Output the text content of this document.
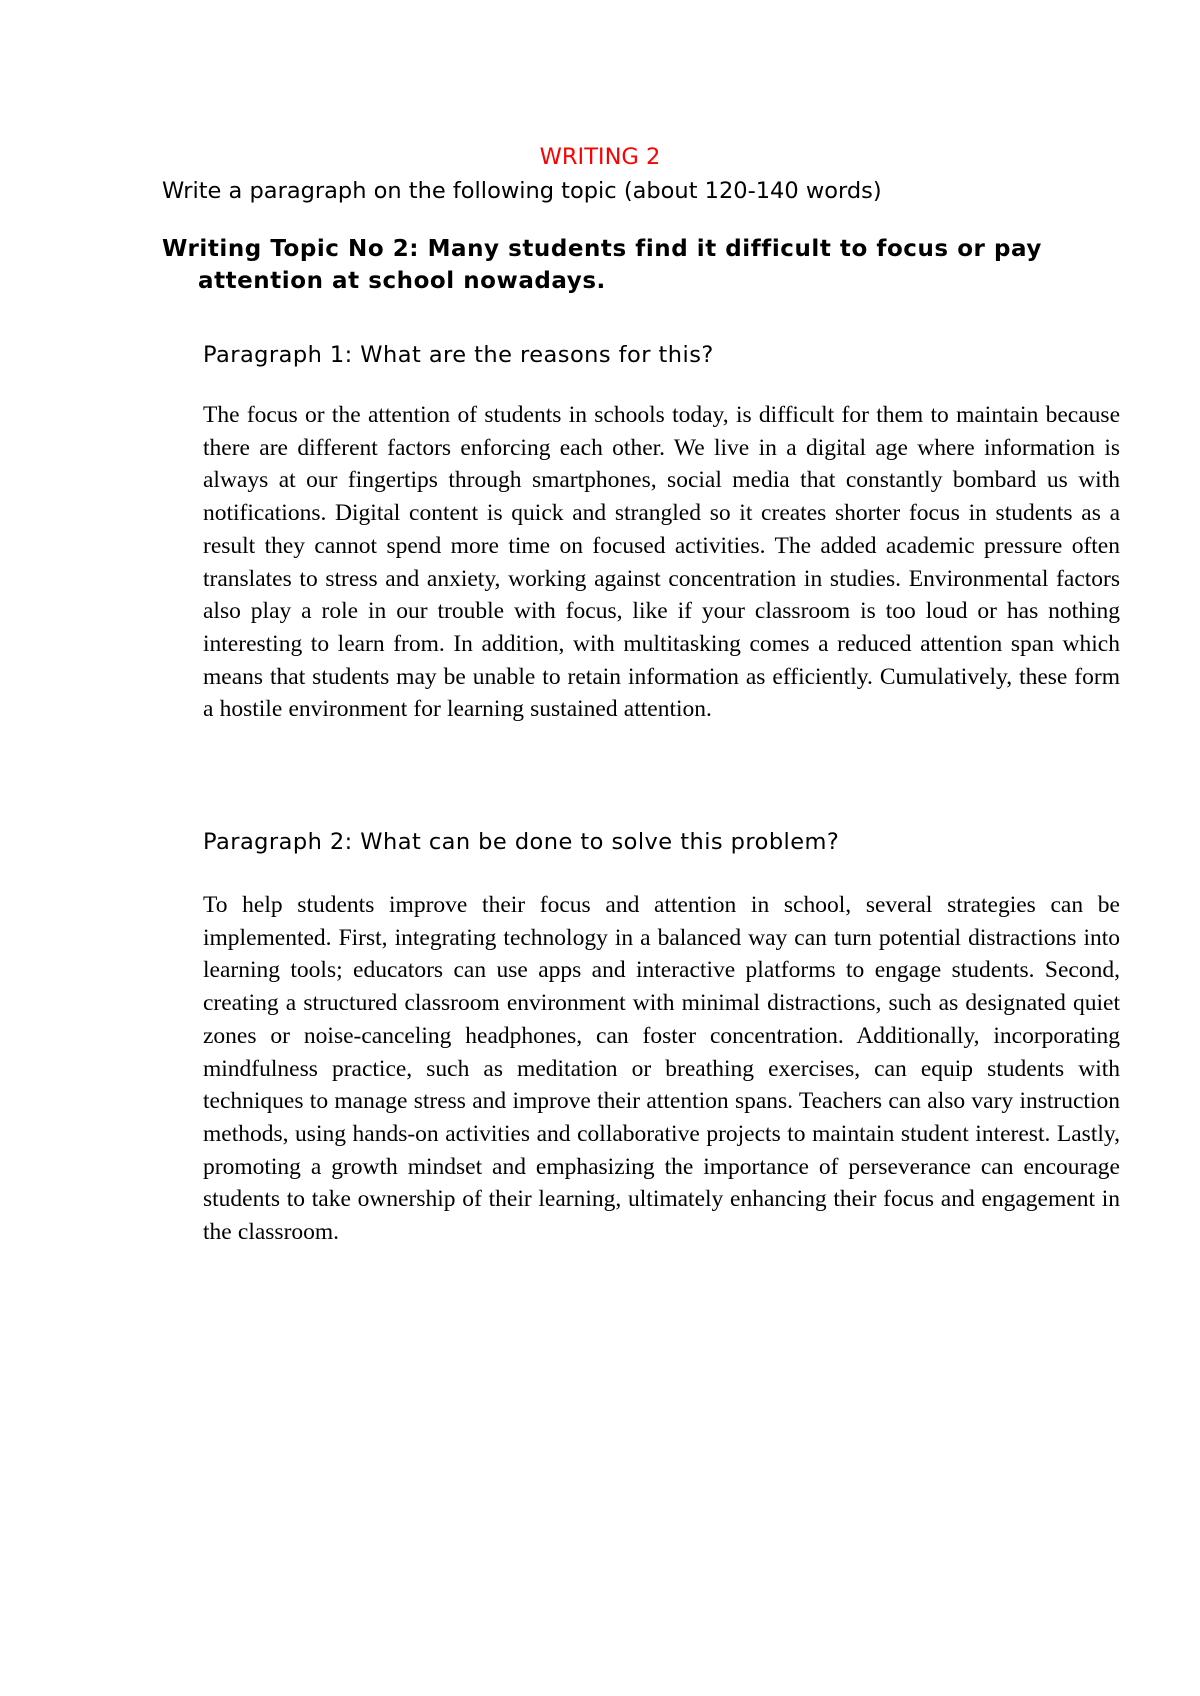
WRITING 2
Write a paragraph on the following topic (about 120-140 words)
Writing Topic No 2: Many students find it difficult to focus or pay attention at school nowadays.
Paragraph 1: What are the reasons for this?
The focus or the attention of students in schools today, is difficult for them to maintain because there are different factors enforcing each other. We live in a digital age where information is always at our fingertips through smartphones, social media that constantly bombard us with notifications. Digital content is quick and strangled so it creates shorter focus in students as a result they cannot spend more time on focused activities. The added academic pressure often translates to stress and anxiety, working against concentration in studies. Environmental factors also play a role in our trouble with focus, like if your classroom is too loud or has nothing interesting to learn from. In addition, with multitasking comes a reduced attention span which means that students may be unable to retain information as efficiently. Cumulatively, these form a hostile environment for learning sustained attention.
Paragraph 2: What can be done to solve this problem?
To help students improve their focus and attention in school, several strategies can be implemented. First, integrating technology in a balanced way can turn potential distractions into learning tools; educators can use apps and interactive platforms to engage students. Second, creating a structured classroom environment with minimal distractions, such as designated quiet zones or noise-canceling headphones, can foster concentration. Additionally, incorporating mindfulness practice, such as meditation or breathing exercises, can equip students with techniques to manage stress and improve their attention spans. Teachers can also vary instruction methods, using hands-on activities and collaborative projects to maintain student interest. Lastly, promoting a growth mindset and emphasizing the importance of perseverance can encourage students to take ownership of their learning, ultimately enhancing their focus and engagement in the classroom.
